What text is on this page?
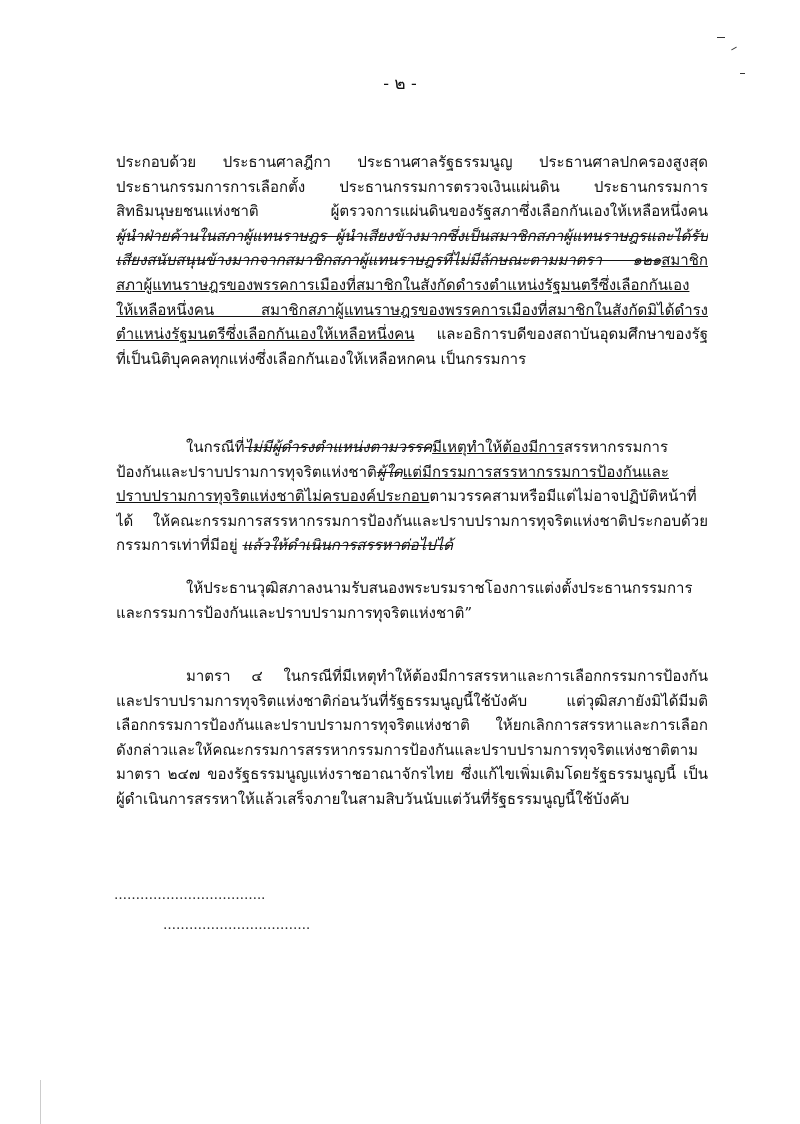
- ๒ -
ประกอบด้วย ประธานศาลฎีกา ประธานศาลรัฐธรรมนูญ ประธานศาลปกครองสูงสุด
ประธานกรรมการการเลือกตั้ง ประธานกรรมการตรวจเงินแผ่นดิน ประธานกรรมการ
สิทธิมนุษยชนแห่งชาติ ผู้ตรวจการแผ่นดินของรัฐสภาซึ่งเลือกกันเองให้เหลือหนึ่งคน
ผู้นำฝ่ายค้านในสภาผู้แทนราษฎร ผู้นำเสียงข้างมากซึ่งเป็นสมาชิกสภาผู้แทนราษฎรและได้รับ
เสียงสนับสนุนข้างมากจากสมาชิกสภาผู้แทนราษฎรที่ไม่มีลักษณะตามมาตรา ๑๒๑สมาชิก
สภาผู้แทนราษฎรของพรรคการเมืองที่สมาชิกในสังกัดดำรงตำแหน่งรัฐมนตรีซึ่งเลือกกันเอง
ให้เหลือหนึ่งคน สมาชิกสภาผู้แทนราษฎรของพรรคการเมืองที่สมาชิกในสังกัดมิได้ดำรง
ตำแหน่งรัฐมนตรีซึ่งเลือกกันเองให้เหลือหนึ่งคน และอธิการบดีของสถาบันอุดมศึกษาของรัฐ
ที่เป็นนิติบุคคลทุกแห่งซึ่งเลือกกันเองให้เหลือหกคน เป็นกรรมการ
ในกรณีที่ไม่มีผู้ดำรงตำแหน่งตามวรรคมีเหตุทำให้ต้องมีการสรรหากรรมการ
ป้องกันและปราบปรามการทุจริตแห่งชาติผู้ใดแต่มีกรรมการสรรหากรรมการป้องกันและ
ปราบปรามการทุจริตแห่งชาติไม่ครบองค์ประกอบตามวรรคสามหรือมีแต่ไม่อาจปฏิบัติหน้าที่
ได้ ให้คณะกรรมการสรรหากรรมการป้องกันและปราบปรามการทุจริตแห่งชาติประกอบด้วย
กรรมการเท่าที่มีอยู่ แล้วให้ดำเนินการสรรหาต่อไปได้
ให้ประธานวุฒิสภาลงนามรับสนองพระบรมราชโองการแต่งตั้งประธานกรรมการ
และกรรมการป้องกันและปราบปรามการทุจริตแห่งชาติ”
มาตรา ๔ ในกรณีที่มีเหตุทำให้ต้องมีการสรรหาและการเลือกกรรมการป้องกัน
และปราบปรามการทุจริตแห่งชาติก่อนวันที่รัฐธรรมนูญนี้ใช้บังคับ แต่วุฒิสภายังมิได้มีมติ
เลือกกรรมการป้องกันและปราบปรามการทุจริตแห่งชาติ ให้ยกเลิกการสรรหาและการเลือก
ดังกล่าวและให้คณะกรรมการสรรหากรรมการป้องกันและปราบปรามการทุจริตแห่งชาติตาม
มาตรา ๒๔๗ ของรัฐธรรมนูญแห่งราชอาณาจักรไทย ซึ่งแก้ไขเพิ่มเติมโดยรัฐธรรมนูญนี้ เป็น
ผู้ดำเนินการสรรหาให้แล้วเสร็จภายในสามสิบวันนับแต่วันที่รัฐธรรมนูญนี้ใช้บังคับ
……………………………..
…………………………….
